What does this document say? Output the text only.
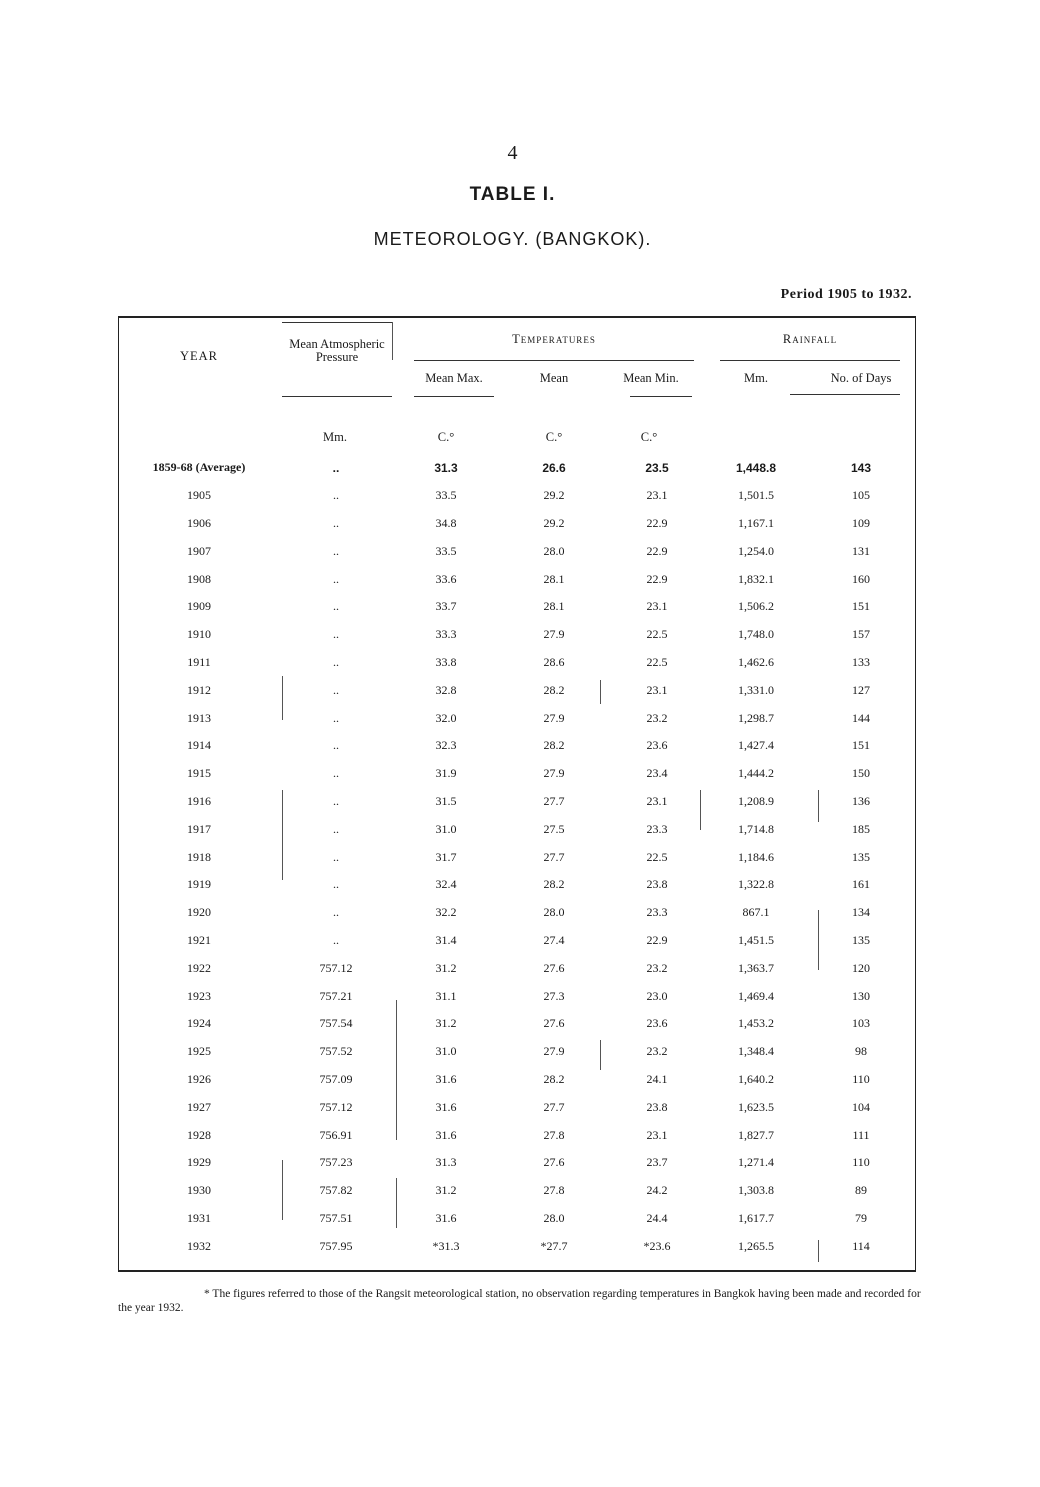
4
TABLE I.
METEOROLOGY. (BANGKOK).
Period 1905 to 1932.
YEAR
Mean Atmospheric Pressure
Temperatures	Rainfall
Mean Max.	Mean	Mean Min.	Mm.	No. of Days
Mm.	C.°	C.°	C.°
1859-68 (Average)	..	31.3	26.6	23.5	1,448.8	143
1905	..	33.5	29.2	23.1	1,501.5	105
1906	..	34.8	29.2	22.9	1,167.1	109
1907	..	33.5	28.0	22.9	1,254.0	131
1908	..	33.6	28.1	22.9	1,832.1	160
1909	..	33.7	28.1	23.1	1,506.2	151
1910	..	33.3	27.9	22.5	1,748.0	157
1911	..	33.8	28.6	22.5	1,462.6	133
1912	..	32.8	28.2	23.1	1,331.0	127
1913	..	32.0	27.9	23.2	1,298.7	144
1914	..	32.3	28.2	23.6	1,427.4	151
1915	..	31.9	27.9	23.4	1,444.2	150
1916	..	31.5	27.7	23.1	1,208.9	136
1917	..	31.0	27.5	23.3	1,714.8	185
1918	..	31.7	27.7	22.5	1,184.6	135
1919	..	32.4	28.2	23.8	1,322.8	161
1920	..	32.2	28.0	23.3	867.1	134
1921	..	31.4	27.4	22.9	1,451.5	135
1922	757.12	31.2	27.6	23.2	1,363.7	120
1923	757.21	31.1	27.3	23.0	1,469.4	130
1924	757.54	31.2	27.6	23.6	1,453.2	103
1925	757.52	31.0	27.9	23.2	1,348.4	98
1926	757.09	31.6	28.2	24.1	1,640.2	110
1927	757.12	31.6	27.7	23.8	1,623.5	104
1928	756.91	31.6	27.8	23.1	1,827.7	111
1929	757.23	31.3	27.6	23.7	1,271.4	110
1930	757.82	31.2	27.8	24.2	1,303.8	89
1931	757.51	31.6	28.0	24.4	1,617.7	79
1932	757.95	*31.3	*27.7	*23.6	1,265.5	114
* The figures referred to those of the Rangsit meteorological station, no observation regarding temperatures in Bangkok having been made and recorded for the year 1932.
